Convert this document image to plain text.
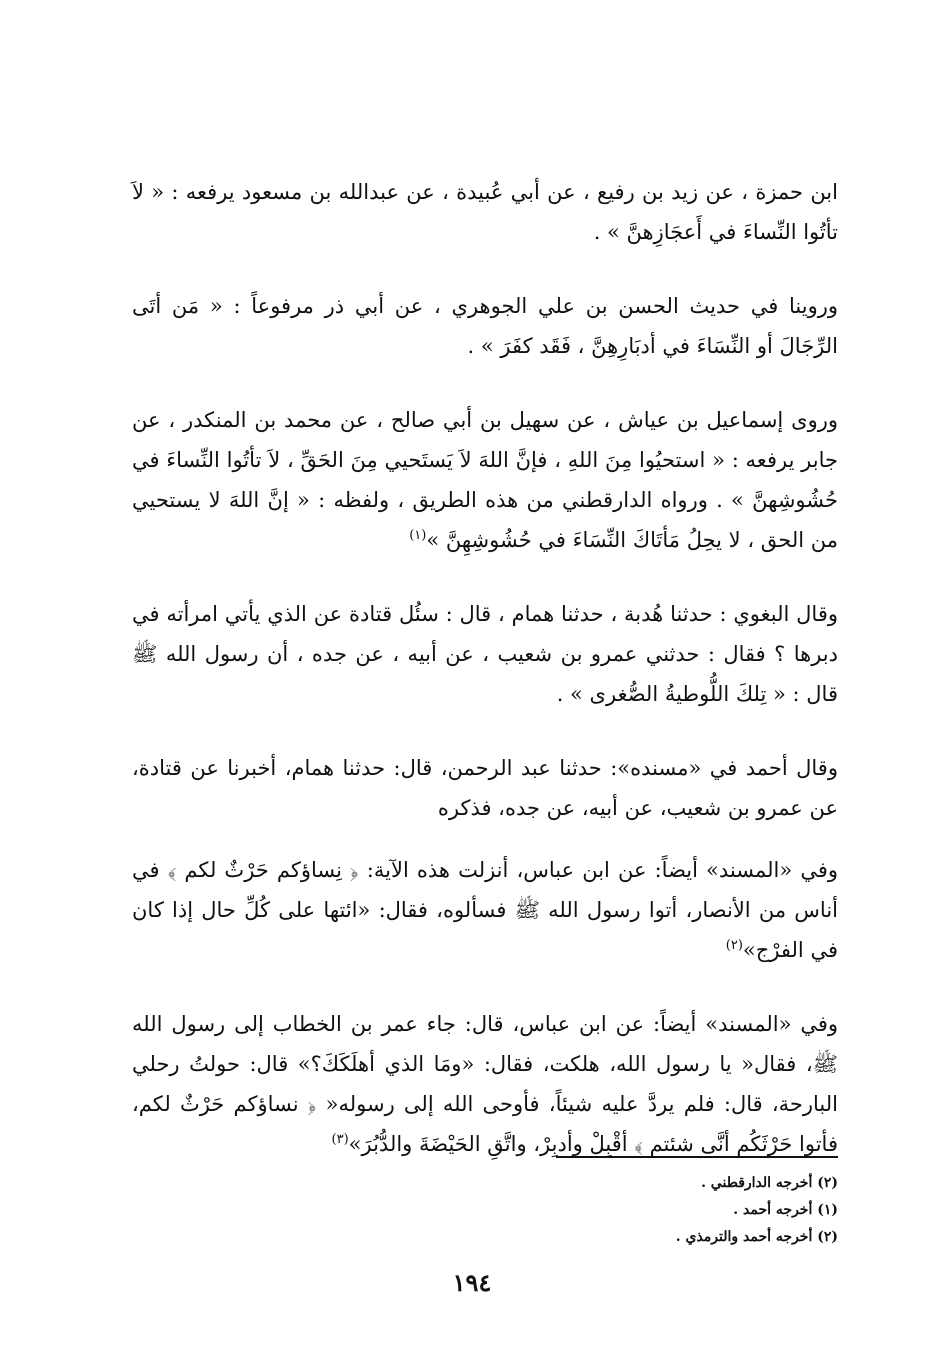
ابن حمزة ، عن زيد بن رفيع ، عن أبي عُبيدة ، عن عبدالله بن مسعود يرفعه : « لاَ تأتُوا النِّساءَ في أَعجَازِهنَّ » .

وروينا في حديث الحسن بن علي الجوهري ، عن أبي ذر مرفوعاً : « مَن أتَى الرِّجَالَ أو النِّسَاءَ في أدبَارِهِنَّ ، فَقَد كفَرَ » .

وروى إسماعيل بن عياش ، عن سهيل بن أبي صالح ، عن محمد بن المنكدر ، عن جابر يرفعه : « استحيُوا مِنَ اللهِ ، فإنَّ اللهَ لاَ يَستَحيي مِنَ الحَقِّ ، لاَ تأتُوا النِّساءَ في حُشُوشِهنَّ » . ورواه الدارقطني من هذه الطريق ، ولفظه : « إنَّ اللهَ لا يستحيي من الحق ، لا يحِلُ مَأتَاكَ النِّسَاءَ في حُشُوشِهِنَّ »$^{(١)}$

وقال البغوي : حدثنا هُدبة ، حدثنا همام ، قال : سئُل قتادة عن الذي يأتي امرأته في دبرها ؟ فقال : حدثني عمرو بن شعيب ، عن أبيه ، عن جده ، أن رسول الله ﷺ قال : « تِلكَ اللُّوطيةُ الصُّغرى » .

وقال أحمد في «مسنده»: حدثنا عبد الرحمن، قال: حدثنا همام، أخبرنا عن قتادة، عن عمرو بن شعيب، عن أبيه، عن جده، فذكره

وفي «المسند» أيضاً: عن ابن عباس، أنزلت هذه الآية: ﴿ نِساؤكم حَرْثٌ لكم ﴾ في أناس من الأنصار، أتوا رسول الله ﷺ فسألوه، فقال: «ائتها على كُلِّ حال إذا كان في الفرْج»$^{(٢)}$

وفي «المسند» أيضاً: عن ابن عباس، قال: جاء عمر بن الخطاب إلى رسول الله ﷺ، فقال« يا رسول الله، هلكت، فقال: «ومَا الذي أهلَكَكَ؟» قال: حولتُ رحلي البارحة، قال: فلم يردَّ عليه شيئاً، فأوحى الله إلى رسوله« ﴿ نساؤكم حَرْثٌ لكم، فأتوا حَرْثَكُم أنَّى شئتم ﴾ أقْبِلْ وأدبِرْ، واتَّقِ الحَيْضَةَ والدُّبُرَ»$^{(٣)}$

(٢) أخرجه الدارقطني .

(١) أخرجه أحمد .

(٢) أخرجه أحمد والترمذي .

١٩٤
